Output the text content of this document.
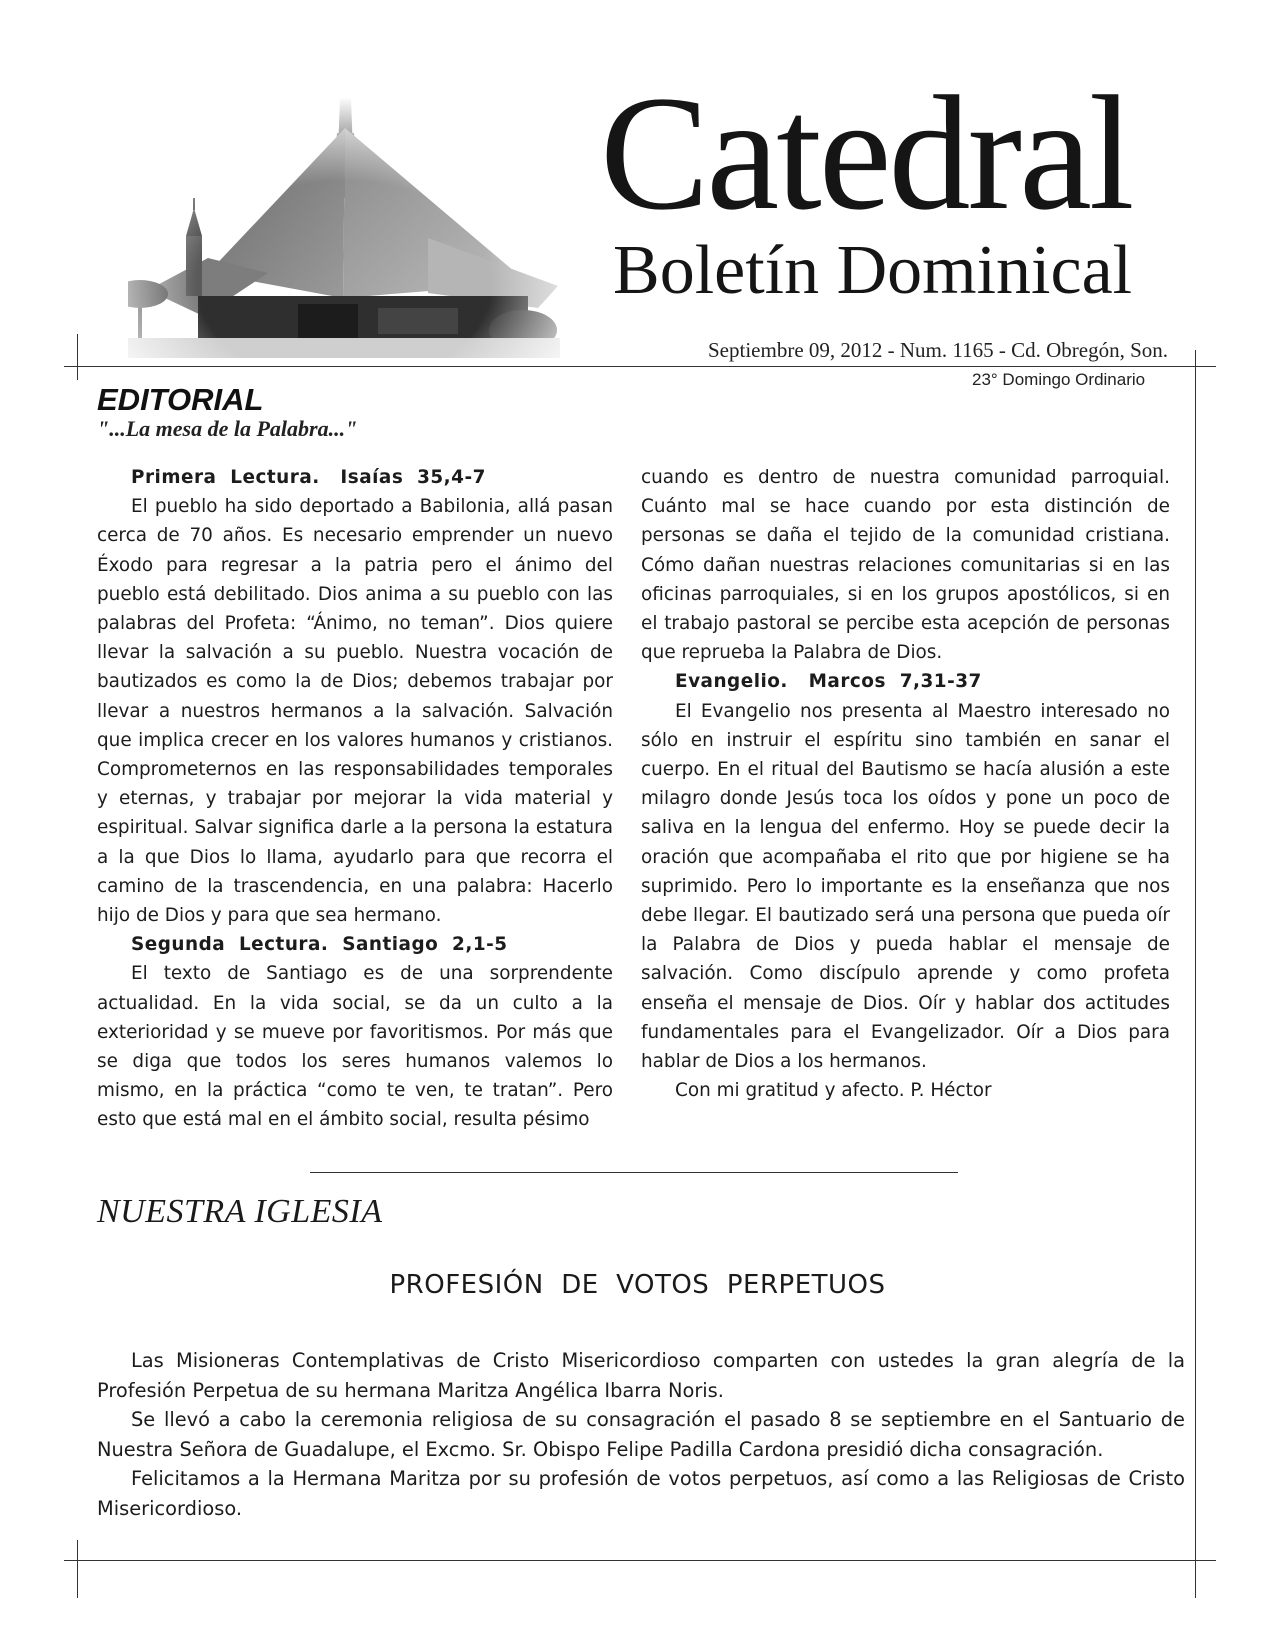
Catedral
Boletín Dominical
Septiembre 09, 2012 - Num. 1165 - Cd. Obregón, Son.
23° Domingo Ordinario
EDITORIAL
"...La mesa de la Palabra..."

Primera  Lectura.   Isaías  35,4-7

El pueblo ha sido deportado a Babilonia, allá pasan cerca de 70 años. Es necesario emprender un nuevo Éxodo para regresar a la patria pero el ánimo del pueblo está debilitado. Dios anima a su pueblo con las palabras del Profeta: “Ánimo, no teman”. Dios quiere llevar la salvación a su pueblo. Nuestra vocación de bautizados es como la de Dios; debemos trabajar por llevar a nuestros hermanos a la salvación. Salvación que implica crecer en los valores humanos y cristianos. Comprometernos en las responsabilidades temporales y eternas, y trabajar por mejorar la vida material y espiritual. Salvar significa darle a la persona la estatura a la que Dios lo llama, ayudarlo para que recorra el camino de la trascendencia, en una palabra: Hacerlo hijo de Dios y para que sea hermano.

Segunda  Lectura.  Santiago  2,1-5

El texto de Santiago es de una sorprendente actualidad. En la vida social, se da un culto a la exterioridad y se mueve por favoritismos. Por más que se diga que todos los seres humanos valemos lo mismo, en la práctica “como te ven, te tratan”. Pero esto que está mal en el ámbito social, resulta pésimo

cuando es dentro de nuestra comunidad parroquial. Cuánto mal se hace cuando por esta distinción de personas se daña el tejido de la comunidad cristiana. Cómo dañan nuestras relaciones comunitarias si en las oficinas parroquiales, si en los grupos apostólicos, si en el trabajo pastoral se percibe esta acepción de personas que reprueba la Palabra de Dios.

Evangelio.   Marcos  7,31-37

El Evangelio nos presenta al Maestro interesado no sólo en instruir el espíritu sino también en sanar el cuerpo. En el ritual del Bautismo se hacía alusión a este milagro donde Jesús toca los oídos y pone un poco de saliva en la lengua del enfermo. Hoy se puede decir la oración que acompañaba el rito que por higiene se ha suprimido. Pero lo importante es la enseñanza que nos debe llegar. El bautizado será una persona que pueda oír la Palabra de Dios y pueda hablar el mensaje de salvación. Como discípulo aprende y como profeta enseña el mensaje de Dios. Oír y hablar dos actitudes fundamentales para el Evangelizador. Oír a Dios para hablar de Dios a los hermanos.

Con mi gratitud y afecto. P. Héctor

NUESTRA IGLESIA
PROFESIÓN  DE  VOTOS  PERPETUOS

Las Misioneras Contemplativas de Cristo Misericordioso comparten con ustedes la gran alegría de la Profesión Perpetua de su hermana Maritza Angélica Ibarra Noris.

Se llevó a cabo la ceremonia religiosa de su consagración el pasado 8 se septiembre en el Santuario de Nuestra Señora de Guadalupe, el Excmo. Sr. Obispo Felipe Padilla Cardona presidió dicha consagración.

Felicitamos a la Hermana Maritza por su profesión de votos perpetuos, así como a las Religiosas de Cristo Misericordioso.
